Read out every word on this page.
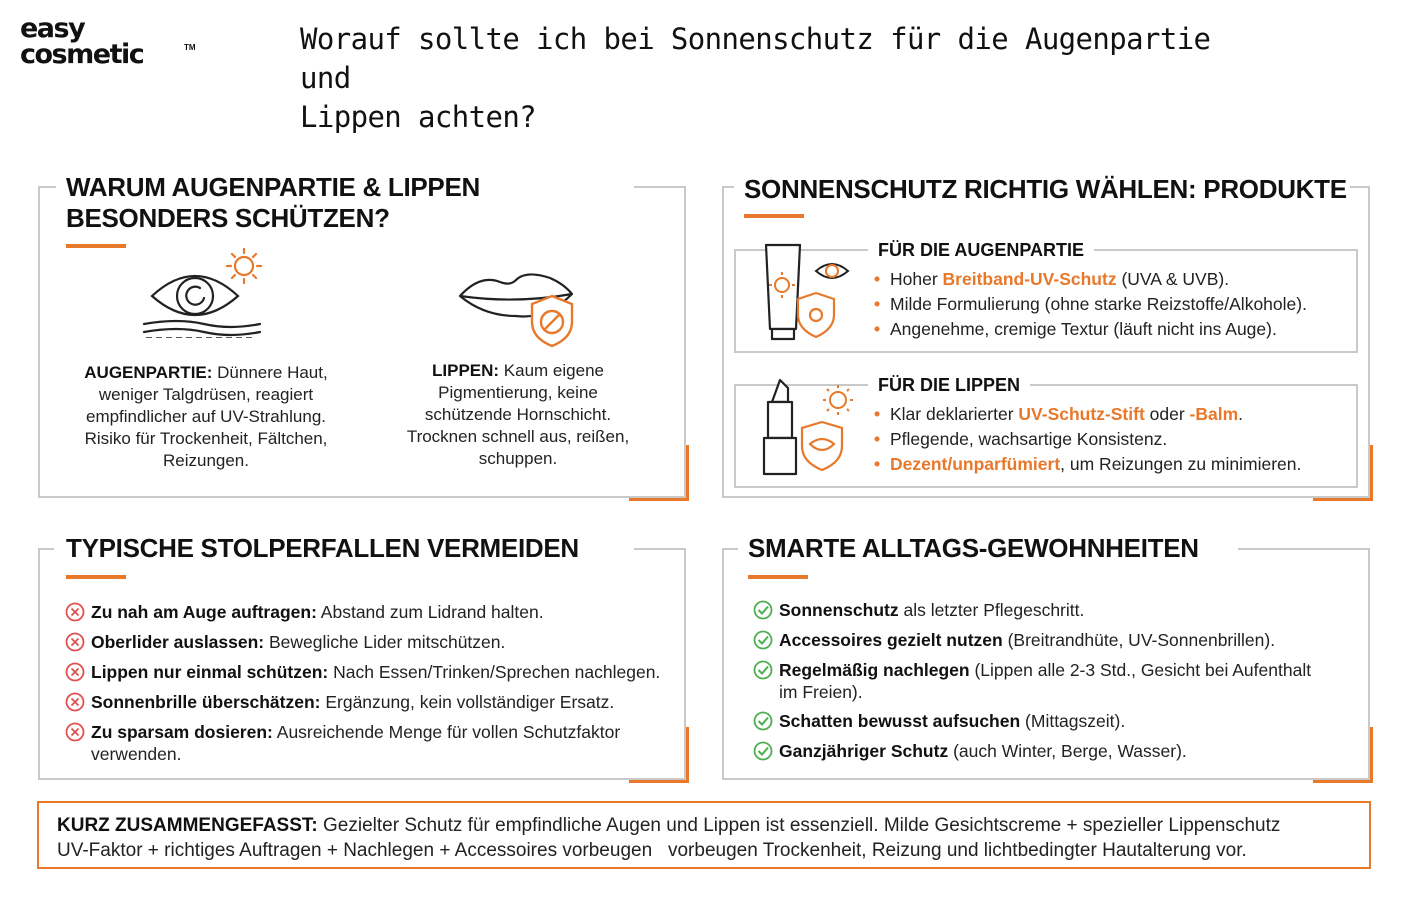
easy
cosmetic	TM	Worauf sollte ich bei Sonnenschutz für die Augenpartie und
Lippen achten?
WARUM AUGENPARTIE & LIPPEN
BESONDERS SCHÜTZEN?
AUGENPARTIE: Dünnere Haut,
weniger Talgdrüsen, reagiert
empfindlicher auf UV-Strahlung.
Risiko für Trockenheit, Fältchen,
Reizungen.
LIPPEN: Kaum eigene
Pigmentierung, keine
schützende Hornschicht.
Trocknen schnell aus, reißen,
schuppen.
SONNENSCHUTZ RICHTIG WÄHLEN: PRODUKTE
FÜR DIE AUGENPARTIE
• Hoher Breitband-UV-Schutz (UVA & UVB).
• Milde Formulierung (ohne starke Reizstoffe/Alkohole).
• Angenehme, cremige Textur (läuft nicht ins Auge).
FÜR DIE LIPPEN
• Klar deklarierter UV-Schutz-Stift oder -Balm.
• Pflegende, wachsartige Konsistenz.
• Dezent/unparfümiert, um Reizungen zu minimieren.
TYPISCHE STOLPERFALLEN VERMEIDEN
Zu nah am Auge auftragen: Abstand zum Lidrand halten.
Oberlider auslassen: Bewegliche Lider mitschützen.
Lippen nur einmal schützen: Nach Essen/Trinken/Sprechen nachlegen.
Sonnenbrille überschätzen: Ergänzung, kein vollständiger Ersatz.
Zu sparsam dosieren: Ausreichende Menge für vollen Schutzfaktor
verwenden.
SMARTE ALLTAGS-GEWOHNHEITEN
Sonnenschutz als letzter Pflegeschritt.
Accessoires gezielt nutzen (Breitrandhüte, UV-Sonnenbrillen).
Regelmäßig nachlegen (Lippen alle 2-3 Std., Gesicht bei Aufenthalt
im Freien).
Schatten bewusst aufsuchen (Mittagszeit).
Ganzjähriger Schutz (auch Winter, Berge, Wasser).
KURZ ZUSAMMENGEFASST: Gezielter Schutz für empfindliche Augen und Lippen ist essenziell. Milde Gesichtscreme + spezieller Lippenschutz
UV-Faktor + richtiges Auftragen + Nachlegen + Accessoires vorbeugen   vorbeugen Trockenheit, Reizung und lichtbedingter Hautalterung vor.
